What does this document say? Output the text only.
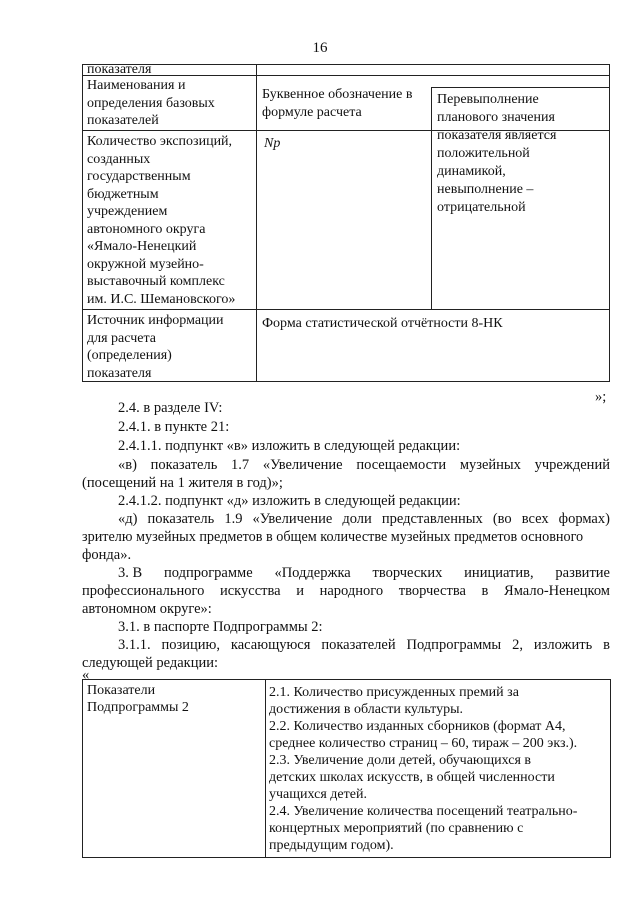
16
показателя
Наименования и
определения базовых
показателей
Буквенное обозначение в
формуле расчета
Перевыполнение
планового значения
показателя является
положительной
динамикой,
невыполнение –
отрицательной
Количество экспозиций,
созданных
государственным
бюджетным
учреждением
автономного округа
«Ямало-Ненецкий
окружной музейно-
выставочный комплекс
им. И.С. Шемановского»
Np
Источник информации
для расчета
(определения)
показателя
Форма статистической отчётности 8-НК
»;
2.4. в разделе IV:
2.4.1. в пункте 21:
2.4.1.1. подпункт «в» изложить в следующей редакции:
«в) показатель 1.7 «Увеличение посещаемости музейных учреждений
(посещений на 1 жителя в год)»;
2.4.1.2. подпункт «д» изложить в следующей редакции:
«д) показатель 1.9 «Увеличение доли представленных (во всех формах)
зрителю музейных предметов в общем количестве музейных предметов основного
фонда».
3. В подпрограмме «Поддержка творческих инициатив, развитие
профессионального искусства и народного творчества в Ямало-Ненецком
автономном округе»:
3.1. в паспорте Подпрограммы 2:
3.1.1. позицию, касающуюся показателей Подпрограммы 2, изложить в
следующей редакции:
«
Показатели
Подпрограммы 2
2.1. Количество присужденных премий за
достижения в области культуры.
2.2. Количество изданных сборников (формат А4,
среднее количество страниц – 60, тираж – 200 экз.).
2.3. Увеличение доли детей, обучающихся в
детских школах искусств, в общей численности
учащихся детей.
2.4. Увеличение количества посещений театрально-
концертных мероприятий (по сравнению с
предыдущим годом).
